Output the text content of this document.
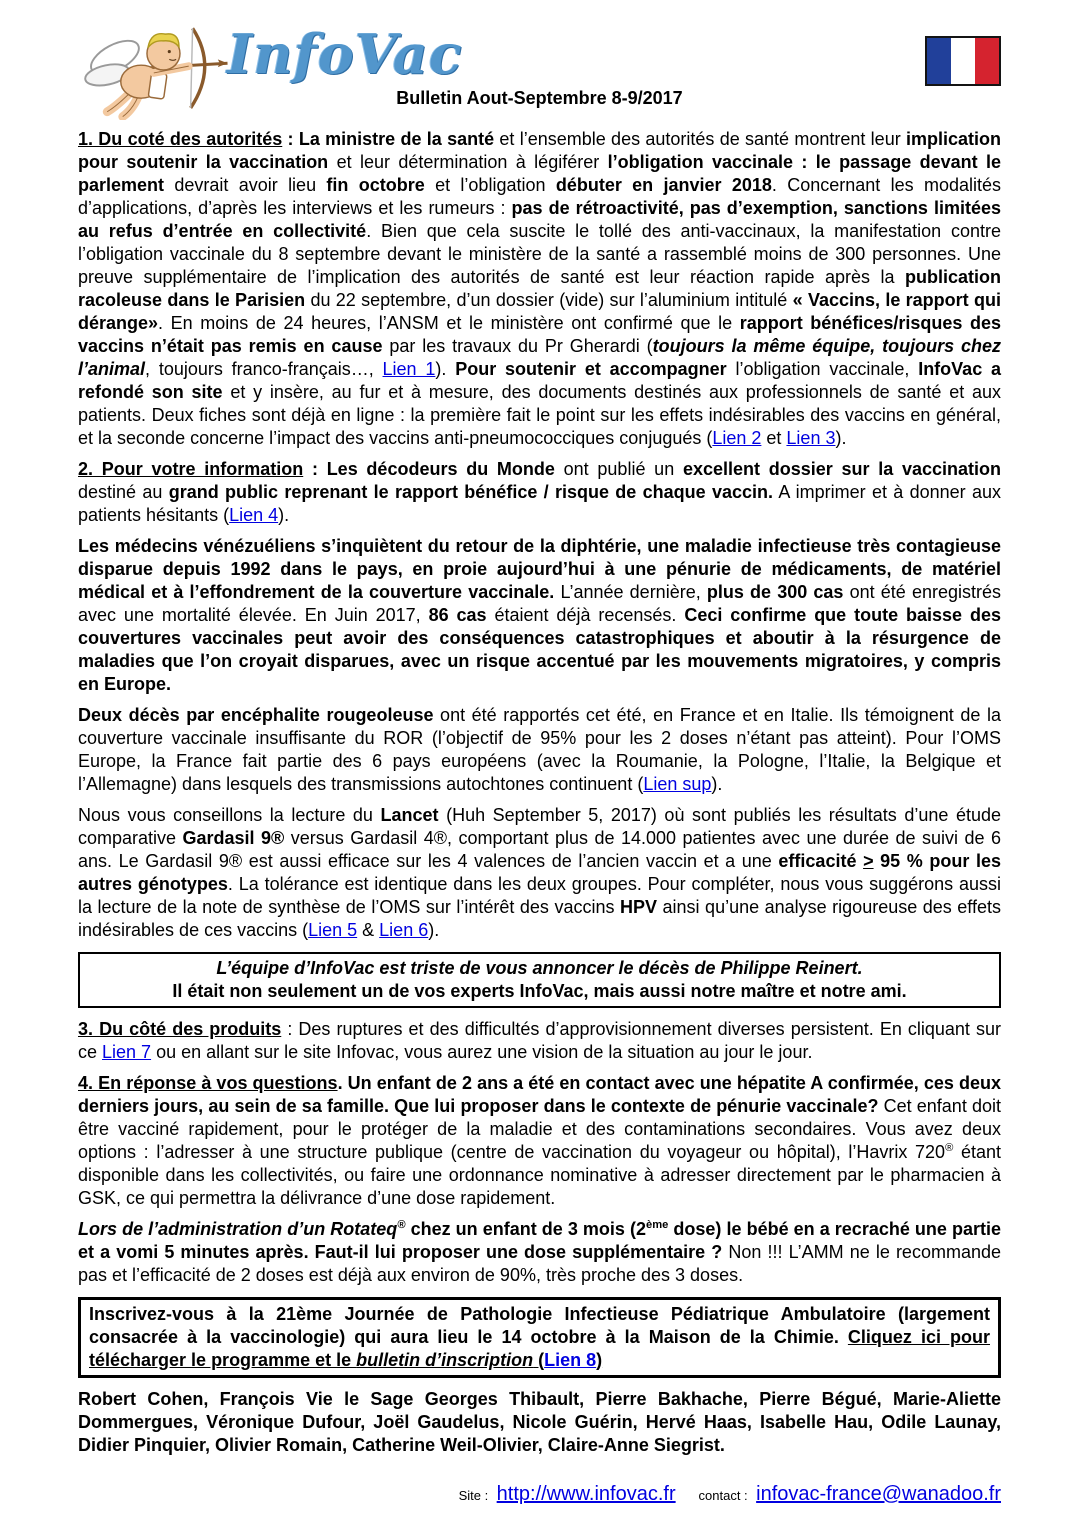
InfoVac
Bulletin Aout-Septembre 8-9/2017

1. Du coté des autorités : La ministre de la santé et l’ensemble des autorités de santé montrent leur implication pour soutenir la vaccination et leur détermination à légiférer l’obligation vaccinale : le passage devant le parlement devrait avoir lieu fin octobre et l’obligation débuter en janvier 2018. Concernant les modalités d’applications, d’après les interviews et les rumeurs : pas de rétroactivité, pas d’exemption, sanctions limitées au refus d’entrée en collectivité. Bien que cela suscite le tollé des anti-vaccinaux, la manifestation contre l’obligation vaccinale du 8 septembre devant le ministère de la santé a rassemblé moins de 300 personnes. Une preuve supplémentaire de l’implication des autorités de santé est leur réaction rapide après la publication racoleuse dans le Parisien du 22 septembre, d’un dossier (vide) sur l’aluminium intitulé « Vaccins, le rapport qui dérange». En moins de 24 heures, l’ANSM et le ministère ont confirmé que le rapport bénéfices/risques des vaccins n’était pas remis en cause par les travaux du Pr Gherardi (toujours la même équipe, toujours chez l’animal, toujours franco-français…, Lien 1). Pour soutenir et accompagner l’obligation vaccinale, InfoVac a refondé son site et y insère, au fur et à mesure, des documents destinés aux professionnels de santé et aux patients. Deux fiches sont déjà en ligne : la première fait le point sur les effets indésirables des vaccins en général, et la seconde concerne l’impact des vaccins anti-pneumococciques conjugués (Lien 2 et Lien 3).

2. Pour votre information : Les décodeurs du Monde ont publié un excellent dossier sur la vaccination destiné au grand public reprenant le rapport bénéfice / risque de chaque vaccin. A imprimer et à donner aux patients hésitants (Lien 4).

Les médecins vénézuéliens s’inquiètent du retour de la diphtérie, une maladie infectieuse très contagieuse disparue depuis 1992 dans le pays, en proie aujourd’hui à une pénurie de médicaments, de matériel médical et à l’effondrement de la couverture vaccinale. L’année dernière, plus de 300 cas ont été enregistrés avec une mortalité élevée. En Juin 2017, 86 cas étaient déjà recensés. Ceci confirme que toute baisse des couvertures vaccinales peut avoir des conséquences catastrophiques et aboutir à la résurgence de maladies que l’on croyait disparues, avec un risque accentué par les mouvements migratoires, y compris en Europe.

Deux décès par encéphalite rougeoleuse ont été rapportés cet été, en France et en Italie. Ils témoignent de la couverture vaccinale insuffisante du ROR (l’objectif de 95% pour les 2 doses n’étant pas atteint). Pour l’OMS Europe, la France fait partie des 6 pays européens (avec la Roumanie, la Pologne, l’Italie, la Belgique et l’Allemagne) dans lesquels des transmissions autochtones continuent (Lien sup).

Nous vous conseillons la lecture du Lancet (Huh September 5, 2017) où sont publiés les résultats d’une étude comparative Gardasil 9® versus Gardasil 4®, comportant plus de 14.000 patientes avec une durée de suivi de 6 ans. Le Gardasil 9® est aussi efficace sur les 4 valences de l’ancien vaccin et a une efficacité > 95 % pour les autres génotypes. La tolérance est identique dans les deux groupes. Pour compléter, nous vous suggérons aussi la lecture de la note de synthèse de l’OMS sur l’intérêt des vaccins HPV ainsi qu’une analyse rigoureuse des effets indésirables de ces vaccins (Lien 5 & Lien 6).

L’équipe d’InfoVac est triste de vous annoncer le décès de Philippe Reinert.
Il était non seulement un de vos experts InfoVac, mais aussi notre maître et notre ami.

3. Du côté des produits : Des ruptures et des difficultés d’approvisionnement diverses persistent. En cliquant sur ce Lien 7 ou en allant sur le site Infovac, vous aurez une vision de la situation au jour le jour.

4. En réponse à vos questions. Un enfant de 2 ans a été en contact avec une hépatite A confirmée, ces deux derniers jours, au sein de sa famille. Que lui proposer dans le contexte de pénurie vaccinale? Cet enfant doit être vacciné rapidement, pour le protéger de la maladie et des contaminations secondaires. Vous avez deux options : l’adresser à une structure publique (centre de vaccination du voyageur ou hôpital), l’Havrix 720® étant disponible dans les collectivités, ou faire une ordonnance nominative à adresser directement par le pharmacien à GSK, ce qui permettra la délivrance d’une dose rapidement.

Lors de l’administration d’un Rotateq® chez un enfant de 3 mois (2ème dose) le bébé en a recraché une partie et a vomi 5 minutes après. Faut-il lui proposer une dose supplémentaire ? Non !!! L’AMM ne le recommande pas et l’efficacité de 2 doses est déjà aux environ de 90%, très proche des 3 doses.

Inscrivez-vous à la 21ème Journée de Pathologie Infectieuse Pédiatrique Ambulatoire (largement consacrée à la vaccinologie) qui aura lieu le 14 octobre à la Maison de la Chimie. Cliquez ici pour télécharger le programme et le bulletin d’inscription (Lien 8)

Robert Cohen, François Vie le Sage Georges Thibault, Pierre Bakhache, Pierre Bégué, Marie-Aliette Dommergues, Véronique Dufour, Joël Gaudelus, Nicole Guérin, Hervé Haas, Isabelle Hau, Odile Launay, Didier Pinquier, Olivier Romain, Catherine Weil-Olivier, Claire-Anne Siegrist.

Site : http://www.infovac.fr contact : infovac-france@wanadoo.fr
